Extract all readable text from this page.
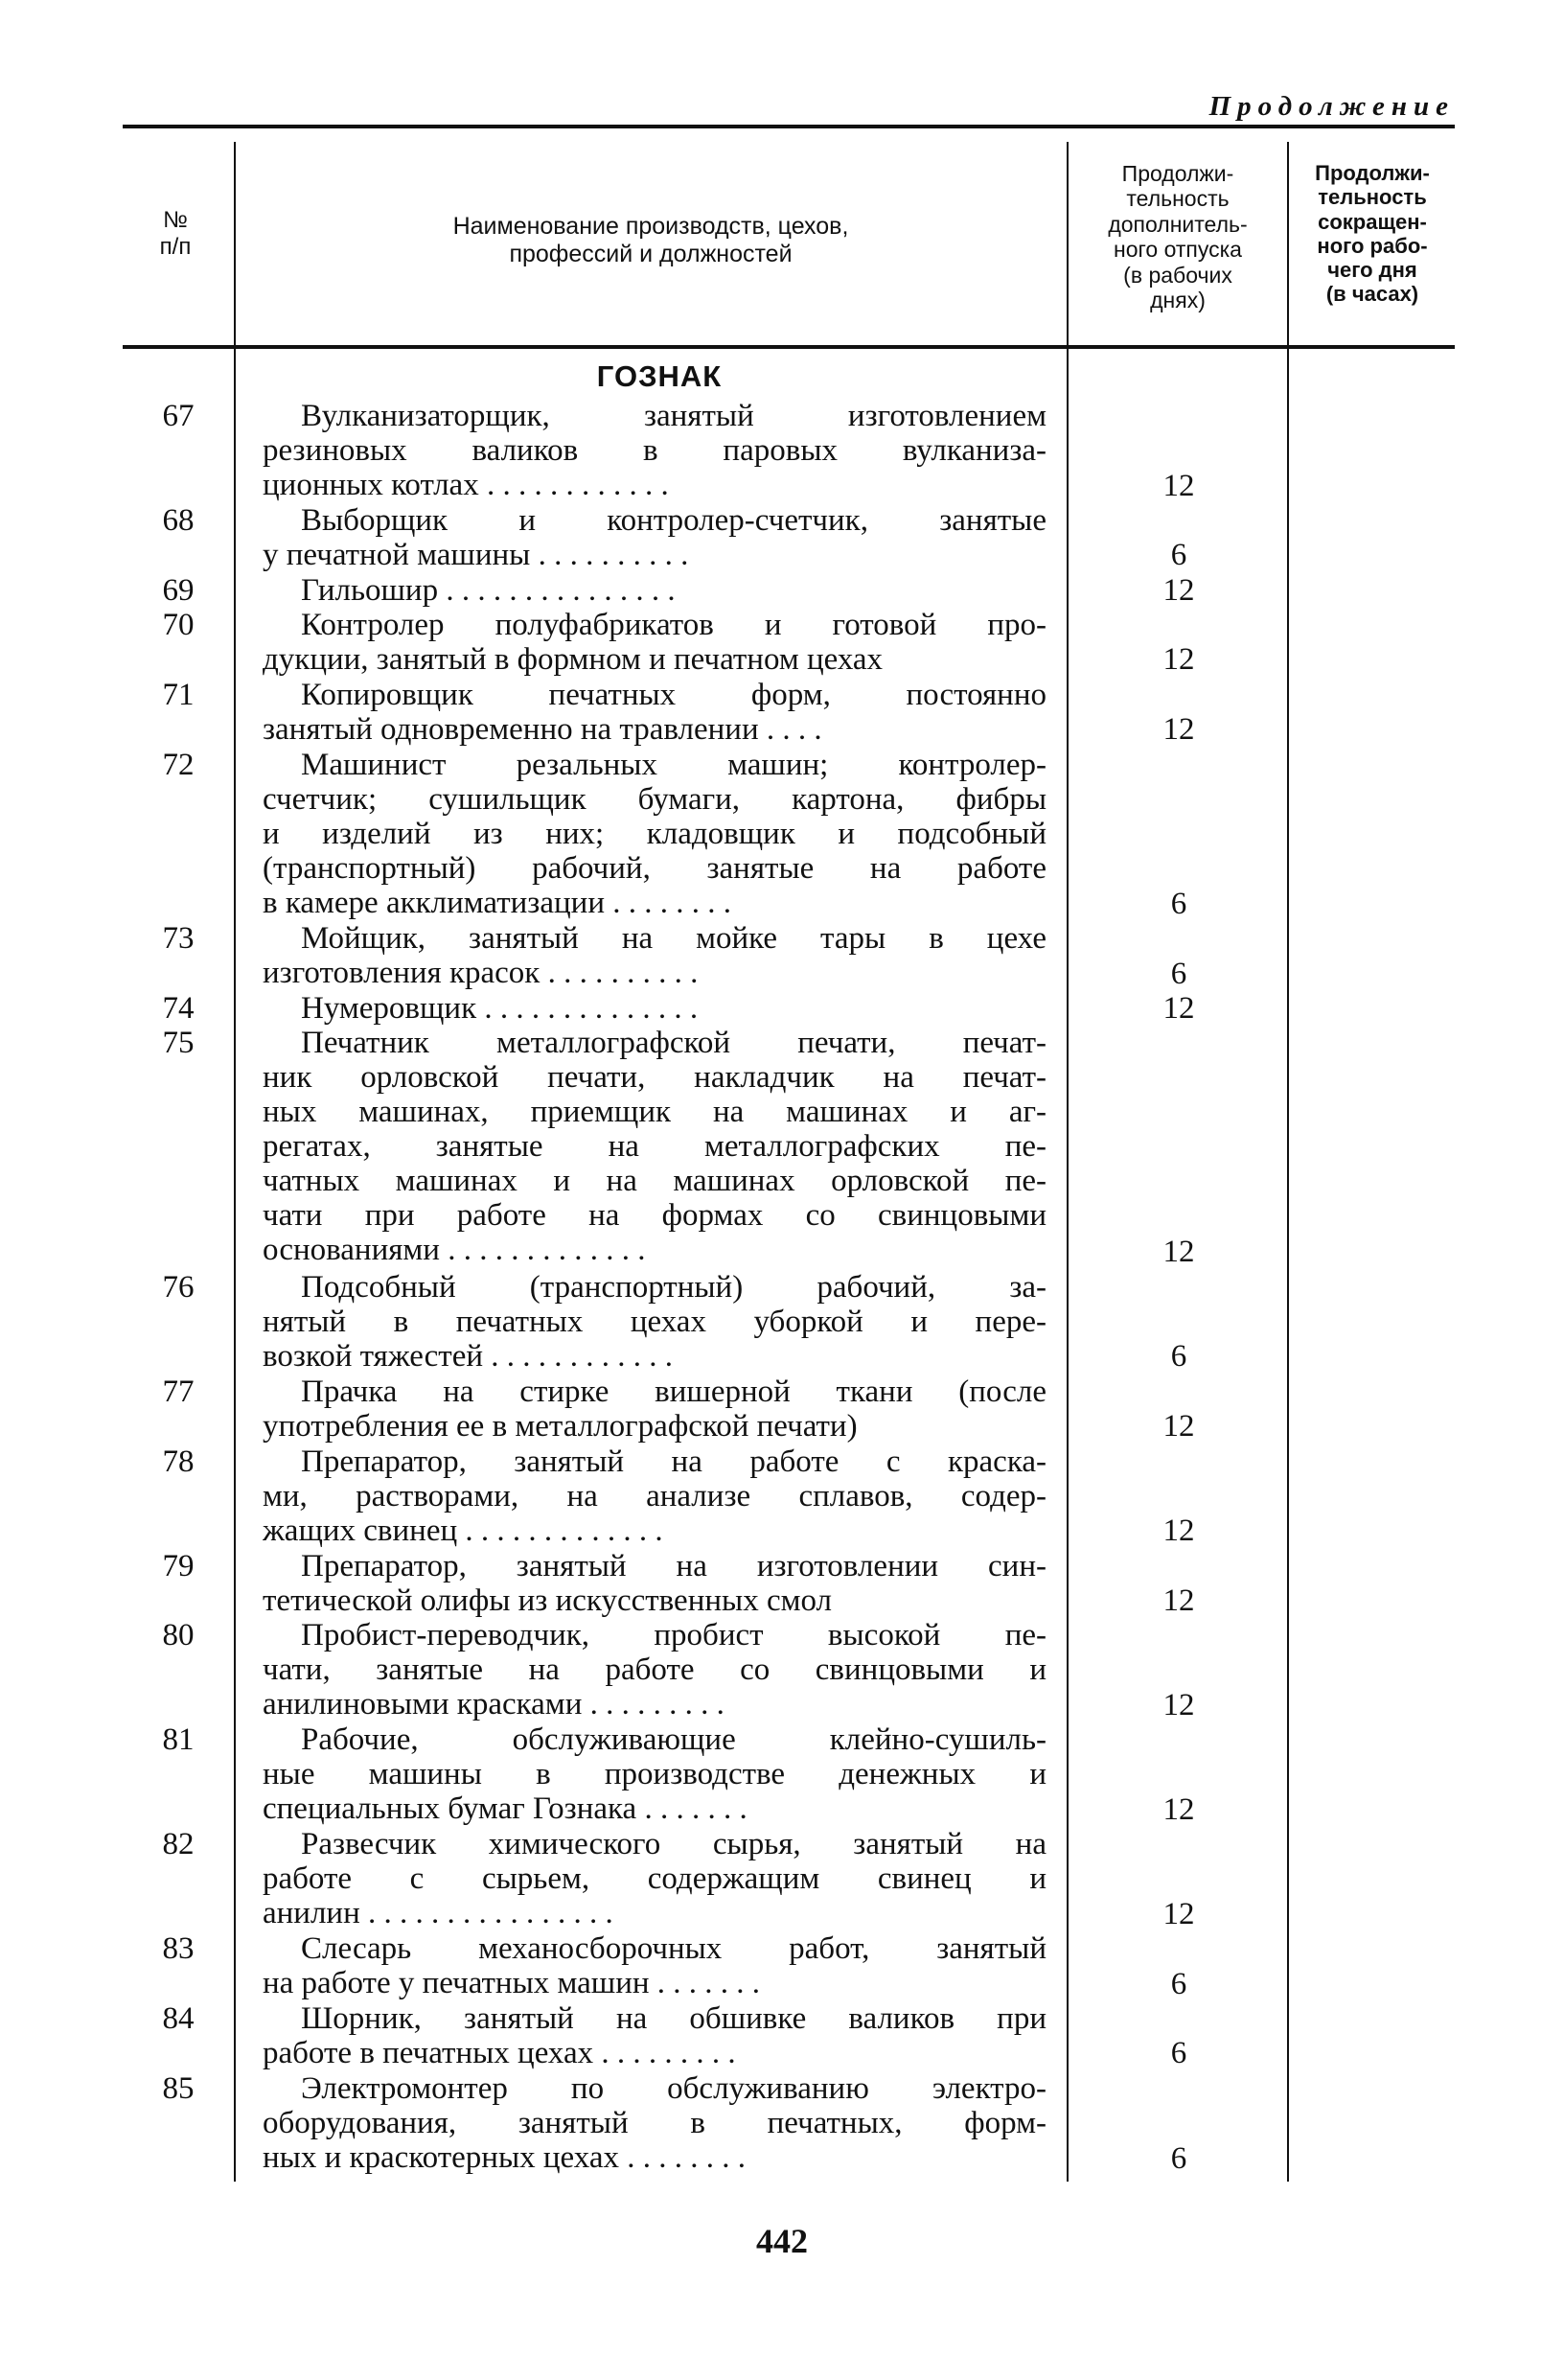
Продолжение
№
п/п
Наименование производств, цехов,
профессий и должностей
Продолжи-
тельность
дополнитель-
ного отпуска
(в рабочих
днях)
Продолжи-
тельность
сокращен-
ного рабо-
чего дня
(в часах)
ГОЗНАК
67	Вулканизаторщик, занятый изготовлением
резиновых валиков в паровых вулканиза-
ционных котлах . . . . . . . . . . . .	12
68	Выборщик и контролер-счетчик, занятые
у печатной машины . . . . . . . . . .	6
69	Гильошир . . . . . . . . . . . . . . .	12
70	Контролер полуфабрикатов и готовой про-
дукции, занятый в формном и печатном цехах	12
71	Копировщик печатных форм, постоянно
занятый одновременно на травлении . . . .	12
72	Машинист резальных машин; контролер-
счетчик; сушильщик бумаги, картона, фибры
и изделий из них; кладовщик и подсобный
(транспортный) рабочий, занятые на работе
в камере акклиматизации . . . . . . . .	6
73	Мойщик, занятый на мойке тары в цехе
изготовления красок . . . . . . . . . .	6
74	Нумеровщик . . . . . . . . . . . . . .	12
75	Печатник металлографской печати, печат-
ник орловской печати, накладчик на печат-
ных машинах, приемщик на машинах и аг-
регатах, занятые на металлографских пе-
чатных машинах и на машинах орловской пе-
чати при работе на формах со свинцовыми
основаниями . . . . . . . . . . . . .	12
76	Подсобный (транспортный) рабочий, за-
нятый в печатных цехах уборкой и пере-
возкой тяжестей . . . . . . . . . . . .	6
77	Прачка на стирке вишерной ткани (после
употребления ее в металлографской печати)	12
78	Препаратор, занятый на работе с краска-
ми, растворами, на анализе сплавов, содер-
жащих свинец . . . . . . . . . . . . .	12
79	Препаратор, занятый на изготовлении син-
тетической олифы из искусственных смол	12
80	Пробист-переводчик, пробист высокой пе-
чати, занятые на работе со свинцовыми и
анилиновыми красками . . . . . . . . .	12
81	Рабочие, обслуживающие клейно-сушиль-
ные машины в производстве денежных и
специальных бумаг Гознака . . . . . . .	12
82	Развесчик химического сырья, занятый на
работе с сырьем, содержащим свинец и
анилин . . . . . . . . . . . . . . . .	12
83	Слесарь механосборочных работ, занятый
на работе у печатных машин . . . . . . .	6
84	Шорник, занятый на обшивке валиков при
работе в печатных цехах . . . . . . . . .	6
85	Электромонтер по обслуживанию электро-
оборудования, занятый в печатных, форм-
ных и краскотерных цехах . . . . . . . .	6
442
